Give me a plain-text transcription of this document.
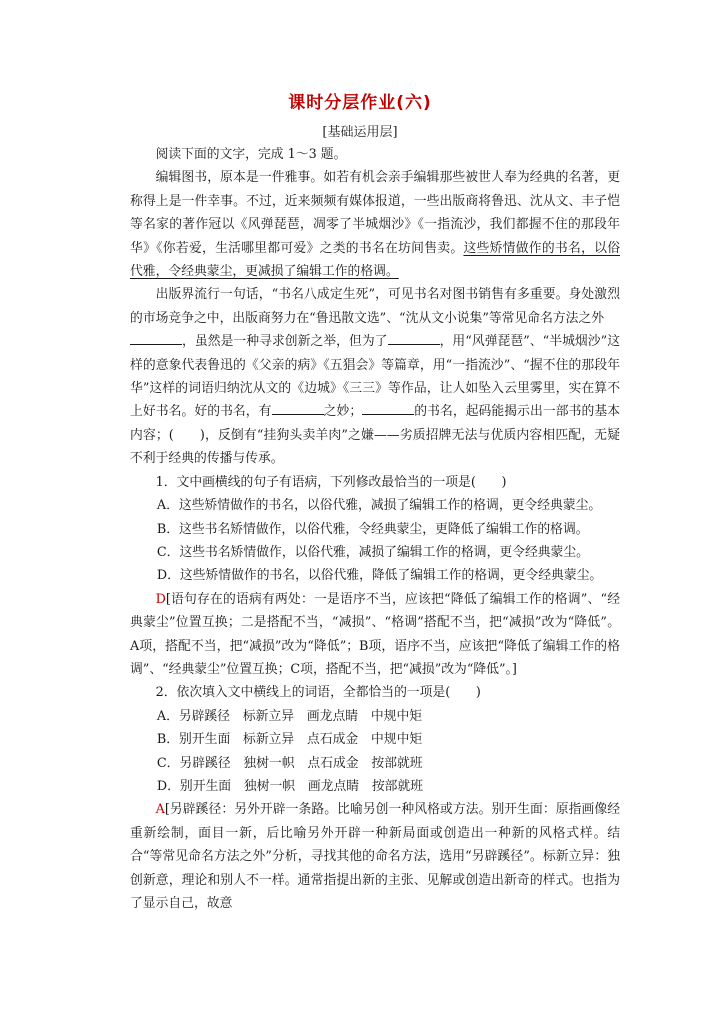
课时分层作业(六)
[基础运用层]

阅读下面的文字，完成 1～3 题。

编辑图书，原本是一件雅事。如若有机会亲手编辑那些被世人奉为经典的名著，更称得上是一件幸事。不过，近来频频有媒体报道，一些出版商将鲁迅、沈从文、丰子恺等名家的著作冠以《风弹琵琶，凋零了半城烟沙》《一指流沙，我们都握不住的那段年华》《你若爱，生活哪里都可爱》之类的书名在坊间售卖。这些矫情做作的书名，以俗代雅，令经典蒙尘，更减损了编辑工作的格调。

出版界流行一句话，“书名八成定生死”，可见书名对图书销售有多重要。身处激烈的市场竞争之中，出版商努力在“鲁迅散文选”、“沈从文小说集”等常见命名方法之外
，虽然是一种寻求创新之举，但为了	，用“风弹琵琶”、“半城烟沙”这样的意象代表鲁迅的《父亲的病》《五猖会》等篇章，用“一指流沙”、“握不住的那段年华”这样的词语归纳沈从文的《边城》《三三》等作品，让人如坠入云里雾里，实在算不上好书名。好的书名，有	之妙；	的书名，起码能揭示出一部书的基本内容；(　　)，反倒有“挂狗头卖羊肉”之嫌——劣质招牌无法与优质内容相匹配，无疑不利于经典的传播与传承。

1．文中画横线的句子有语病，下列修改最恰当的一项是(　　)

A．这些矫情做作的书名，以俗代雅，减损了编辑工作的格调，更令经典蒙尘。

B．这些书名矫情做作，以俗代雅，令经典蒙尘，更降低了编辑工作的格调。

C．这些书名矫情做作，以俗代雅，减损了编辑工作的格调，更令经典蒙尘。

D．这些矫情做作的书名，以俗代雅，降低了编辑工作的格调，更令经典蒙尘。

D[语句存在的语病有两处：一是语序不当，应该把“降低了编辑工作的格调”、“经典蒙尘”位置互换；二是搭配不当，“减损”、“格调”搭配不当，把“减损”改为“降低”。A项，搭配不当，把“减损”改为“降低”；B项，语序不当，应该把“降低了编辑工作的格调”、“经典蒙尘”位置互换；C项，搭配不当，把“减损”改为“降低”。]

2．依次填入文中横线上的词语，全都恰当的一项是(　　)

A．另辟蹊径　标新立异　画龙点睛　中规中矩

B．别开生面　标新立异　点石成金　中规中矩

C．另辟蹊径　独树一帜　点石成金　按部就班

D．别开生面　独树一帜　画龙点睛　按部就班

A[另辟蹊径：另外开辟一条路。比喻另创一种风格或方法。别开生面：原指画像经重新绘制，面目一新，后比喻另外开辟一种新局面或创造出一种新的风格式样。结合“等常见命名方法之外”分析，寻找其他的命名方法，选用“另辟蹊径”。标新立异：独创新意，理论和别人不一样。通常指提出新的主张、见解或创造出新奇的样式。也指为了显示自己，故意
